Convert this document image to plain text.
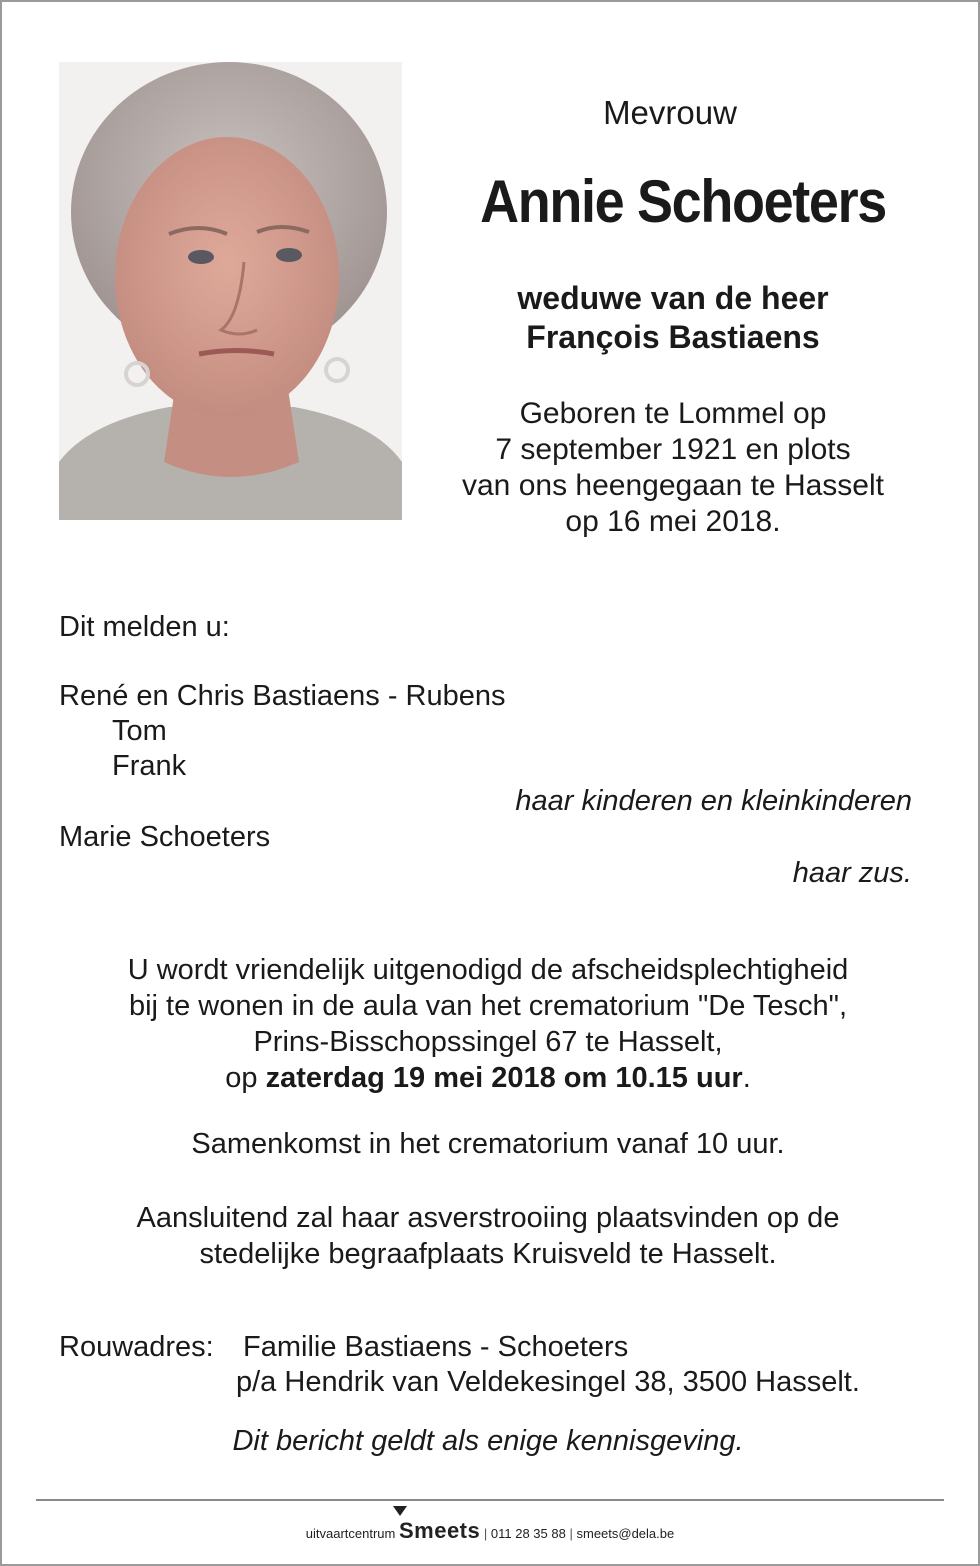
Mevrouw
Annie Schoeters
weduwe van de heer
François Bastiaens
Geboren te Lommel op
7 september 1921 en plots
van ons heengegaan te Hasselt
op 16 mei 2018.
Dit melden u:
René en Chris Bastiaens - Rubens
Tom
Frank
haar kinderen en kleinkinderen
Marie Schoeters
haar zus.
U wordt vriendelijk uitgenodigd de afscheidsplechtigheid
bij te wonen in de aula van het crematorium "De Tesch",
Prins-Bisschopssingel 67 te Hasselt,
op zaterdag 19 mei 2018 om 10.15 uur.
Samenkomst in het crematorium vanaf 10 uur.
Aansluitend zal haar asverstrooiing plaatsvinden op de
stedelijke begraafplaats Kruisveld te Hasselt.
Rouwadres: Familie Bastiaens - Schoeters
p/a Hendrik van Veldekesingel 38, 3500 Hasselt.
Dit bericht geldt als enige kennisgeving.
uitvaartcentrum Smeets | 011 28 35 88 | smeets@dela.be
